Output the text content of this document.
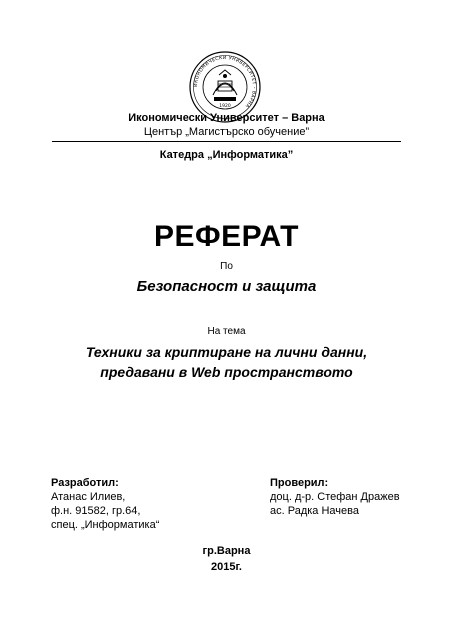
ИКОНОМИЧЕСКИ УНИВЕРСИТЕТ - ВАРНА
1920
Икономически Университет – Варна
Център „Магистърско обучение”
Катедра „Информатика”
РЕФЕРАТ
По
Безопасност и защита
На тема
Техники за криптиране на лични данни,
предавани в Web пространството
Разработил:
Атанас Илиев,
ф.н. 91582, гр.64,
спец. „Информатика“
Проверил:
доц. д-р. Стефан Дражев
ас. Радка Начева
гр.Варна
2015г.
